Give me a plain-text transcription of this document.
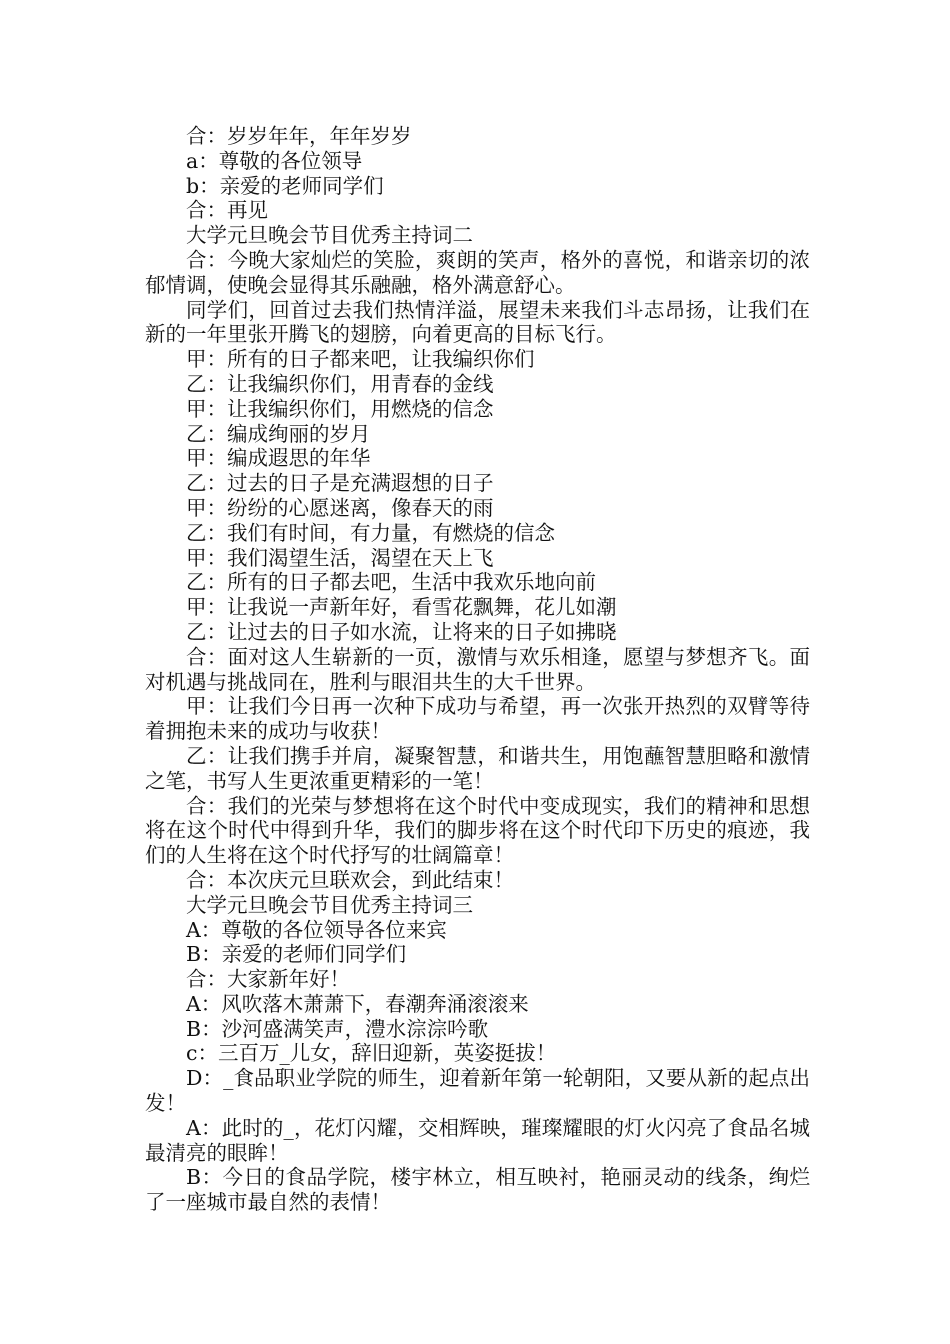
合：岁岁年年，年年岁岁

a：尊敬的各位领导

b：亲爱的老师同学们

合：再见

大学元旦晚会节目优秀主持词二

合：今晚大家灿烂的笑脸，爽朗的笑声，格外的喜悦，和谐亲切的浓郁情调，使晚会显得其乐融融，格外满意舒心。

同学们，回首过去我们热情洋溢，展望未来我们斗志昂扬，让我们在新的一年里张开腾飞的翅膀，向着更高的目标飞行。

甲：所有的日子都来吧，让我编织你们

乙：让我编织你们，用青春的金线

甲：让我编织你们，用燃烧的信念

乙：编成绚丽的岁月

甲：编成遐思的年华

乙：过去的日子是充满遐想的日子

甲：纷纷的心愿迷离，像春天的雨

乙：我们有时间，有力量，有燃烧的信念

甲：我们渴望生活，渴望在天上飞

乙：所有的日子都去吧，生活中我欢乐地向前

甲：让我说一声新年好，看雪花飘舞，花儿如潮

乙：让过去的日子如水流，让将来的日子如拂晓

合：面对这人生崭新的一页，激情与欢乐相逢，愿望与梦想齐飞。面对机遇与挑战同在，胜利与眼泪共生的大千世界。

甲：让我们今日再一次种下成功与希望，再一次张开热烈的双臂等待着拥抱未来的成功与收获！

乙：让我们携手并肩，凝聚智慧，和谐共生，用饱蘸智慧胆略和激情之笔，书写人生更浓重更精彩的一笔！

合：我们的光荣与梦想将在这个时代中变成现实，我们的精神和思想将在这个时代中得到升华，我们的脚步将在这个时代印下历史的痕迹，我们的人生将在这个时代抒写的壮阔篇章！

合：本次庆元旦联欢会，到此结束！

大学元旦晚会节目优秀主持词三

A：尊敬的各位领导各位来宾

B：亲爱的老师们同学们

合：大家新年好！

A：风吹落木萧萧下，春潮奔涌滚滚来

B：沙河盛满笑声，澧水淙淙吟歌

c：三百万_儿女，辞旧迎新，英姿挺拔！

D：_食品职业学院的师生，迎着新年第一轮朝阳，又要从新的起点出发！

A：此时的_，花灯闪耀，交相辉映，璀璨耀眼的灯火闪亮了食品名城最清亮的眼眸！

B：今日的食品学院，楼宇林立，相互映衬，艳丽灵动的线条，绚烂了一座城市最自然的表情！
